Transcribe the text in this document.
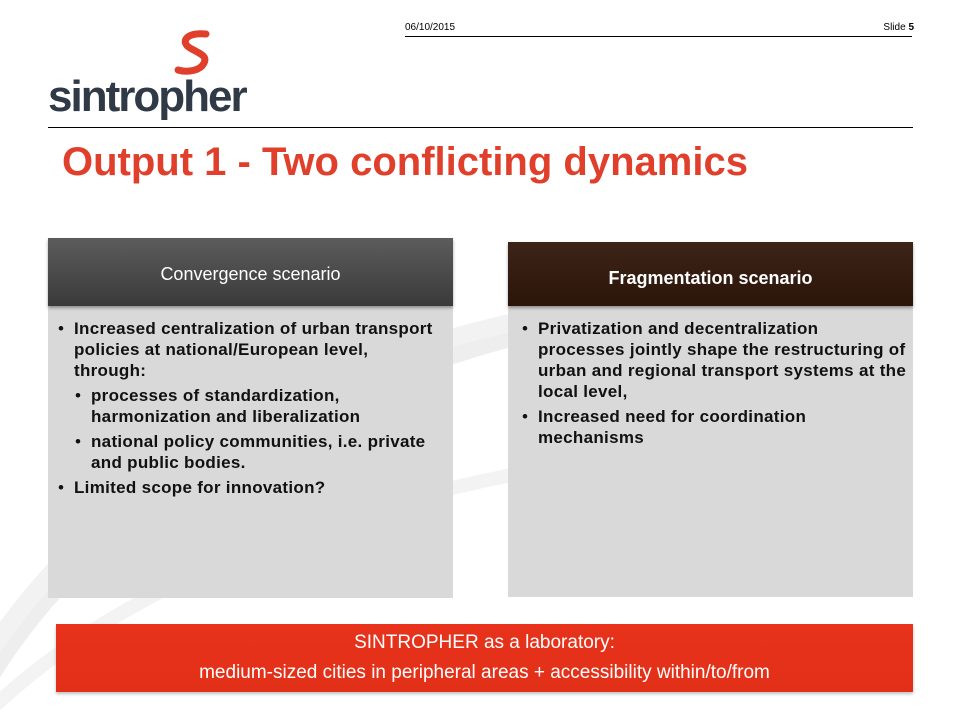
06/10/2015	Slide 5
sintropher
Output 1 - Two conflicting dynamics
Convergence scenario
• Increased centralization of urban transport policies at national/European level, through:
• processes of standardization, harmonization and liberalization
• national policy communities, i.e. private and public bodies.
• Limited scope for innovation?
Fragmentation scenario
• Privatization and decentralization processes jointly shape the restructuring of urban and regional transport systems at the local level,
• Increased need for coordination mechanisms
SINTROPHER as a laboratory:
medium-sized cities in peripheral areas + accessibility within/to/from
